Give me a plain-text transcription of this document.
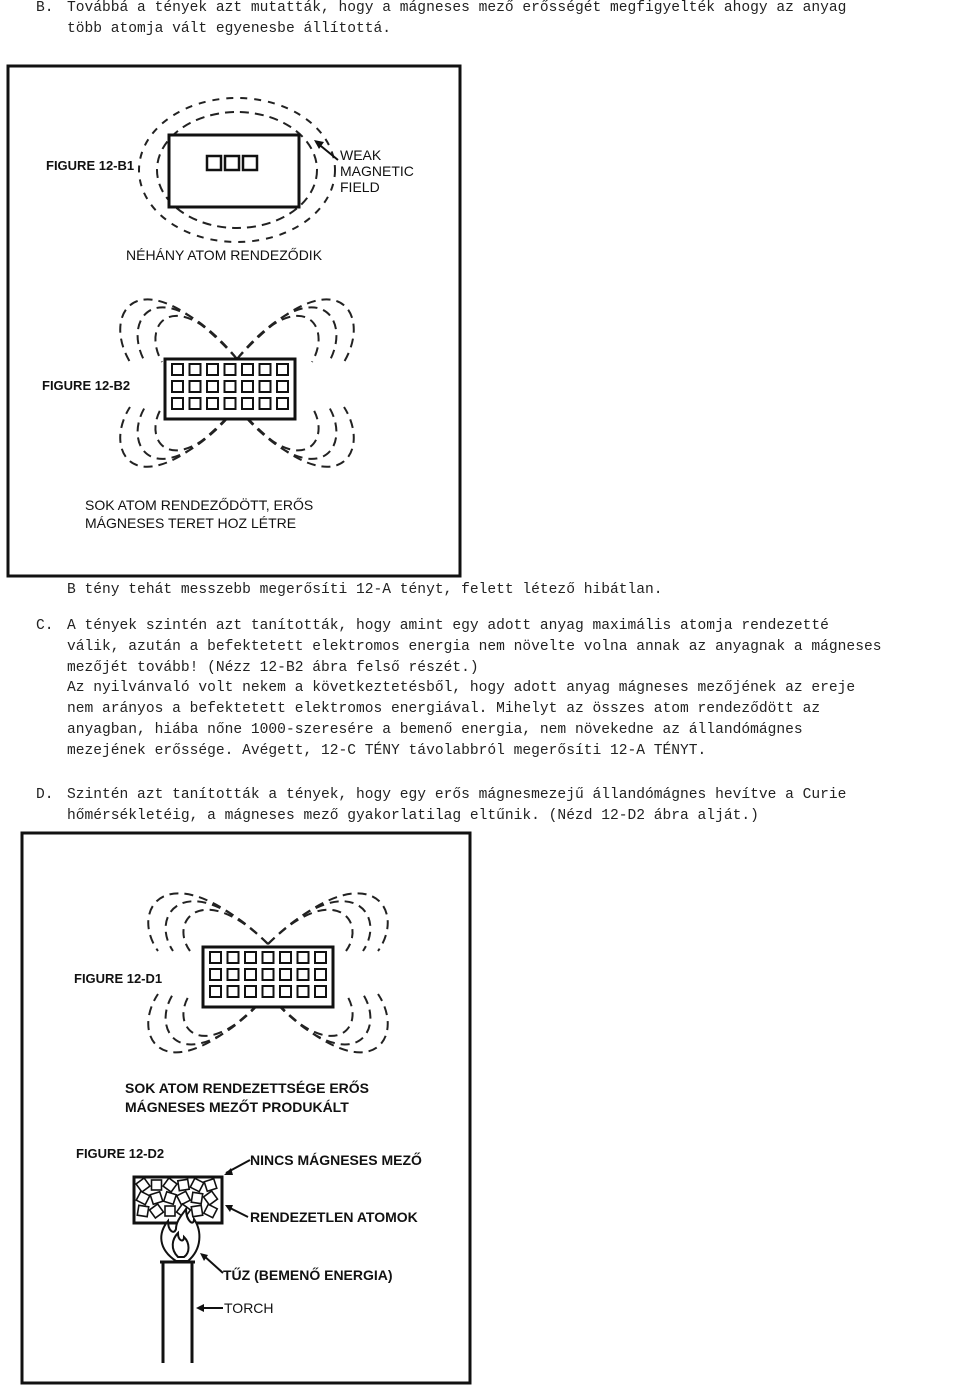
B. Továbbá a tények azt mutatták, hogy a mágneses mező erősségét megfigyelték ahogy az anyag
több atomja vált egyenesbe állítottá.
FIGURE 12-B1
WEAK
MAGNETIC
FIELD
NÉHÁNY ATOM RENDEZŐDIK
FIGURE 12-B2
SOK ATOM RENDEZŐDÖTT, ERŐS
MÁGNESES TERET HOZ LÉTRE
B tény tehát messzebb megerősíti 12-A tényt, felett létező hibátlan.
C. A tények szintén azt tanították, hogy amint egy adott anyag maximális atomja rendezetté
válik, azután a befektetett elektromos energia nem növelte volna annak az anyagnak a mágneses
mezőjét tovább! (Nézz 12-B2 ábra felső részét.)
Az nyilvánvaló volt nekem a következtetésből, hogy adott anyag mágneses mezőjének az ereje
nem arányos a befektetett elektromos energiával. Mihelyt az összes atom rendeződött az
anyagban, hiába nőne 1000-szeresére a bemenő energia, nem növekedne az állandómágnes
mezejének erőssége. Avégett, 12-C TÉNY távolabbról megerősíti 12-A TÉNYT.
D. Szintén azt tanították a tények, hogy egy erős mágnesmezejű állandómágnes hevítve a Curie
hőmérsékletéig, a mágneses mező gyakorlatilag eltűnik. (Nézd 12-D2 ábra alját.)
FIGURE 12-D1
SOK ATOM RENDEZETTSÉGE ERŐS
MÁGNESES MEZŐT PRODUKÁLT
FIGURE 12-D2	NINCS MÁGNESES MEZŐ
RENDEZETLEN ATOMOK
TŰZ (BEMENŐ ENERGIA)
TORCH
